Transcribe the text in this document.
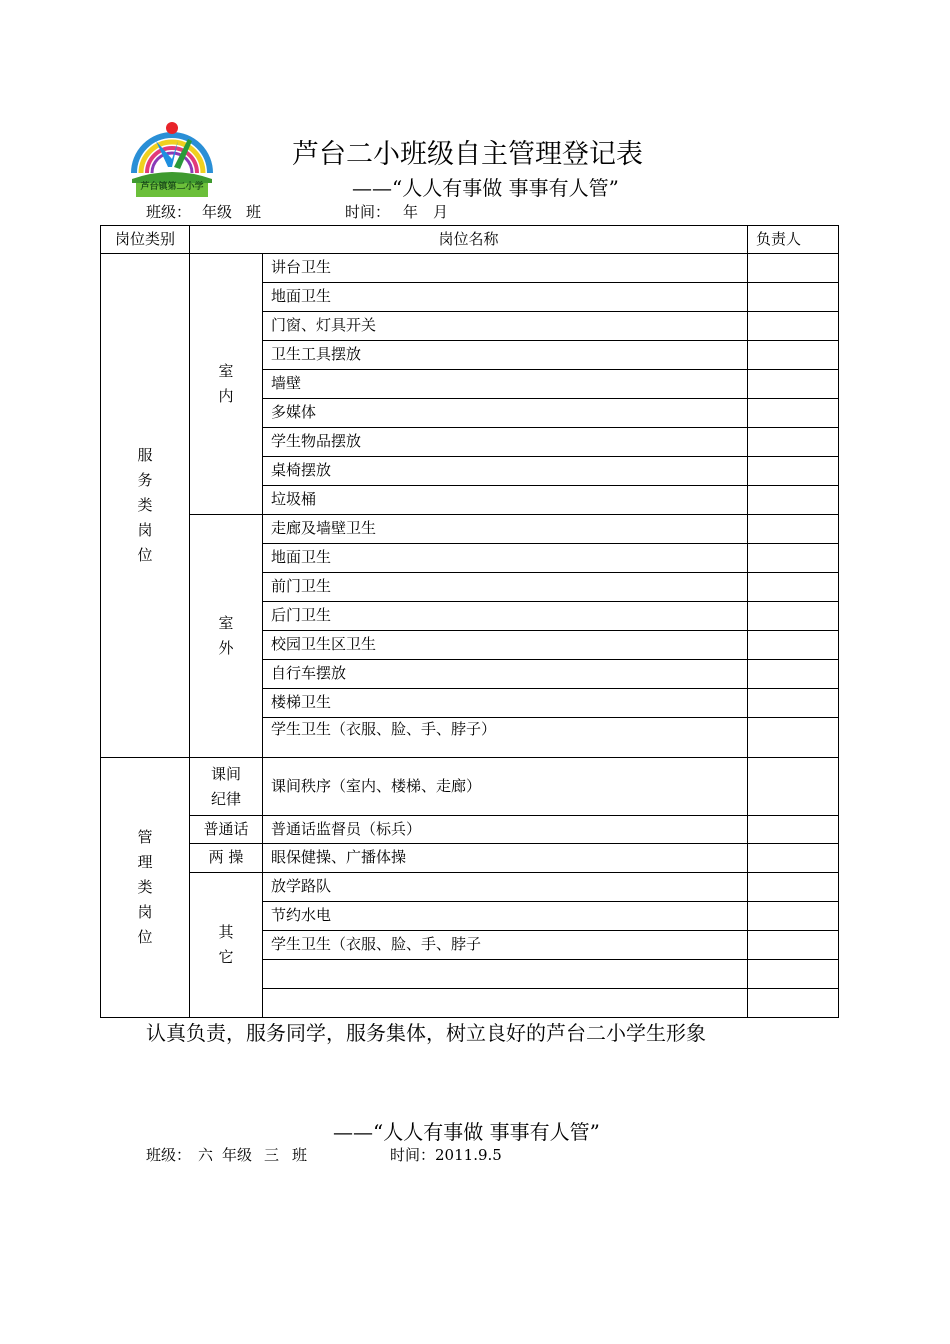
芦台镇第二小学
芦台二小班级自主管理登记表
——“人人有事做 事事有人管”
班级： 年级 班	时间： 年 月
岗位类别	岗位名称		负责人

服
务
类
岗
位	室
内	讲台卫生	
		地面卫生	
		门窗、灯具开关	
		卫生工具摆放	
		墙壁	
		多媒体	
		学生物品摆放	
		桌椅摆放	
		垃圾桶	

	室
外	走廊及墙壁卫生	
		地面卫生	
		前门卫生	
		后门卫生	
		校园卫生区卫生	
		自行车摆放	
		楼梯卫生	
		学生卫生（衣服、脸、手、脖子）	

管
理
类
岗
位	课间
纪律	课间秩序（室内、楼梯、走廊）	
	普通话	普通话监督员（标兵）	
	两 操	眼保健操、广播体操	

	其
它	放学路队	
		节约水电	
		学生卫生（衣服、脸、手、脖子	

认真负责，服务同学，服务集体，树立良好的芦台二小学生形象
——“人人有事做 事事有人管”
班级： 六 年级 三 班	时间：2011.9.5
